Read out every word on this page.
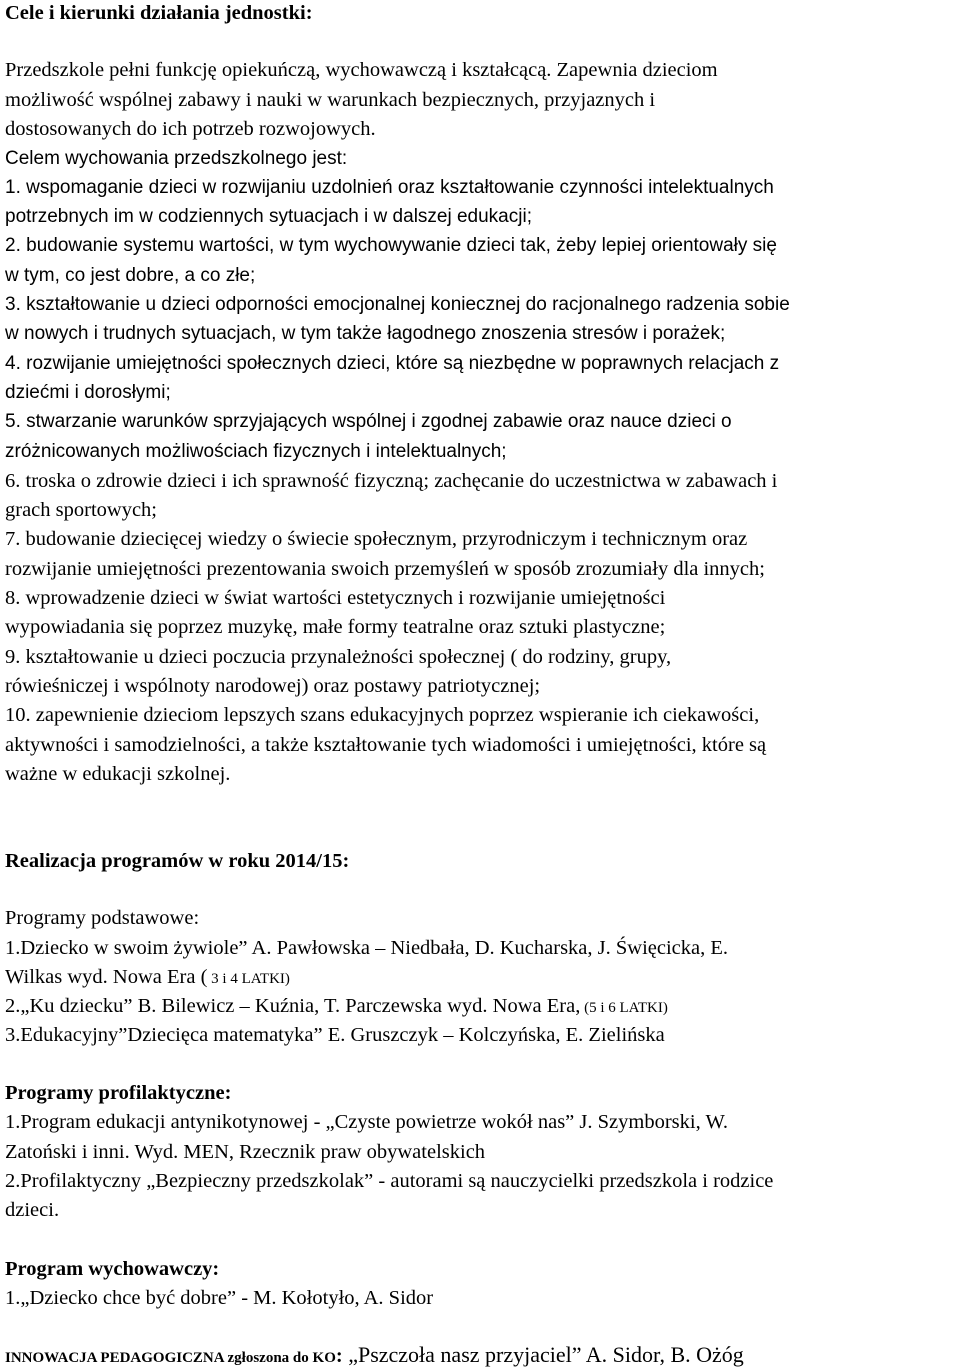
Cele i kierunki działania jednostki:
Przedszkole pełni funkcję opiekuńczą, wychowawczą i kształcącą. Zapewnia dzieciom
możliwość wspólnej zabawy i nauki w warunkach bezpiecznych, przyjaznych i
dostosowanych do ich potrzeb rozwojowych.
Celem wychowania przedszkolnego jest:
1. wspomaganie dzieci w rozwijaniu uzdolnień oraz kształtowanie czynności intelektualnych
potrzebnych im w codziennych sytuacjach i w dalszej edukacji;
2. budowanie systemu wartości, w tym wychowywanie dzieci tak, żeby lepiej orientowały się
w tym, co jest dobre, a co złe;
3. kształtowanie u dzieci odporności emocjonalnej koniecznej do racjonalnego radzenia sobie
w nowych i trudnych sytuacjach, w tym także łagodnego znoszenia stresów i porażek;
4. rozwijanie umiejętności społecznych dzieci, które są niezbędne w poprawnych relacjach z
dziećmi i dorosłymi;
5. stwarzanie warunków sprzyjających wspólnej i zgodnej zabawie oraz nauce dzieci o
zróżnicowanych możliwościach fizycznych i intelektualnych;
6. troska o zdrowie dzieci i ich sprawność fizyczną; zachęcanie do uczestnictwa w zabawach i
grach sportowych;
7. budowanie dziecięcej wiedzy o świecie społecznym, przyrodniczym i technicznym oraz
rozwijanie umiejętności prezentowania swoich przemyśleń w sposób zrozumiały dla innych;
8. wprowadzenie dzieci w świat wartości estetycznych i rozwijanie umiejętności
wypowiadania się poprzez muzykę, małe formy teatralne oraz sztuki plastyczne;
9. kształtowanie u dzieci poczucia przynależności społecznej ( do rodziny, grupy,
rówieśniczej i wspólnoty narodowej) oraz postawy patriotycznej;
10. zapewnienie dzieciom lepszych szans edukacyjnych poprzez wspieranie ich ciekawości,
aktywności i samodzielności, a także kształtowanie tych wiadomości i umiejętności, które są
ważne w edukacji szkolnej.
Realizacja programów w roku 2014/15:
Programy podstawowe:
1.Dziecko w swoim żywiole” A. Pawłowska – Niedbała, D. Kucharska, J. Święcicka, E.
Wilkas wyd. Nowa Era ( 3 i 4 LATKI)
2.„Ku dziecku” B. Bilewicz – Kuźnia, T. Parczewska wyd. Nowa Era, (5 i 6 LATKI)
3.Edukacyjny”Dziecięca matematyka” E. Gruszczyk – Kolczyńska, E. Zielińska
Programy profilaktyczne:
1.Program edukacji antynikotynowej - „Czyste powietrze wokół nas” J. Szymborski, W.
Zatoński i inni. Wyd. MEN, Rzecznik praw obywatelskich
2.Profilaktyczny „Bezpieczny przedszkolak” - autorami są nauczycielki przedszkola i rodzice
dzieci.
Program wychowawczy:
1.„Dziecko chce być dobre” - M. Kołotyło, A. Sidor
INNOWACJA PEDAGOGICZNA zgłoszona do KO: „Pszczoła nasz przyjaciel” A. Sidor, B. Ożóg
